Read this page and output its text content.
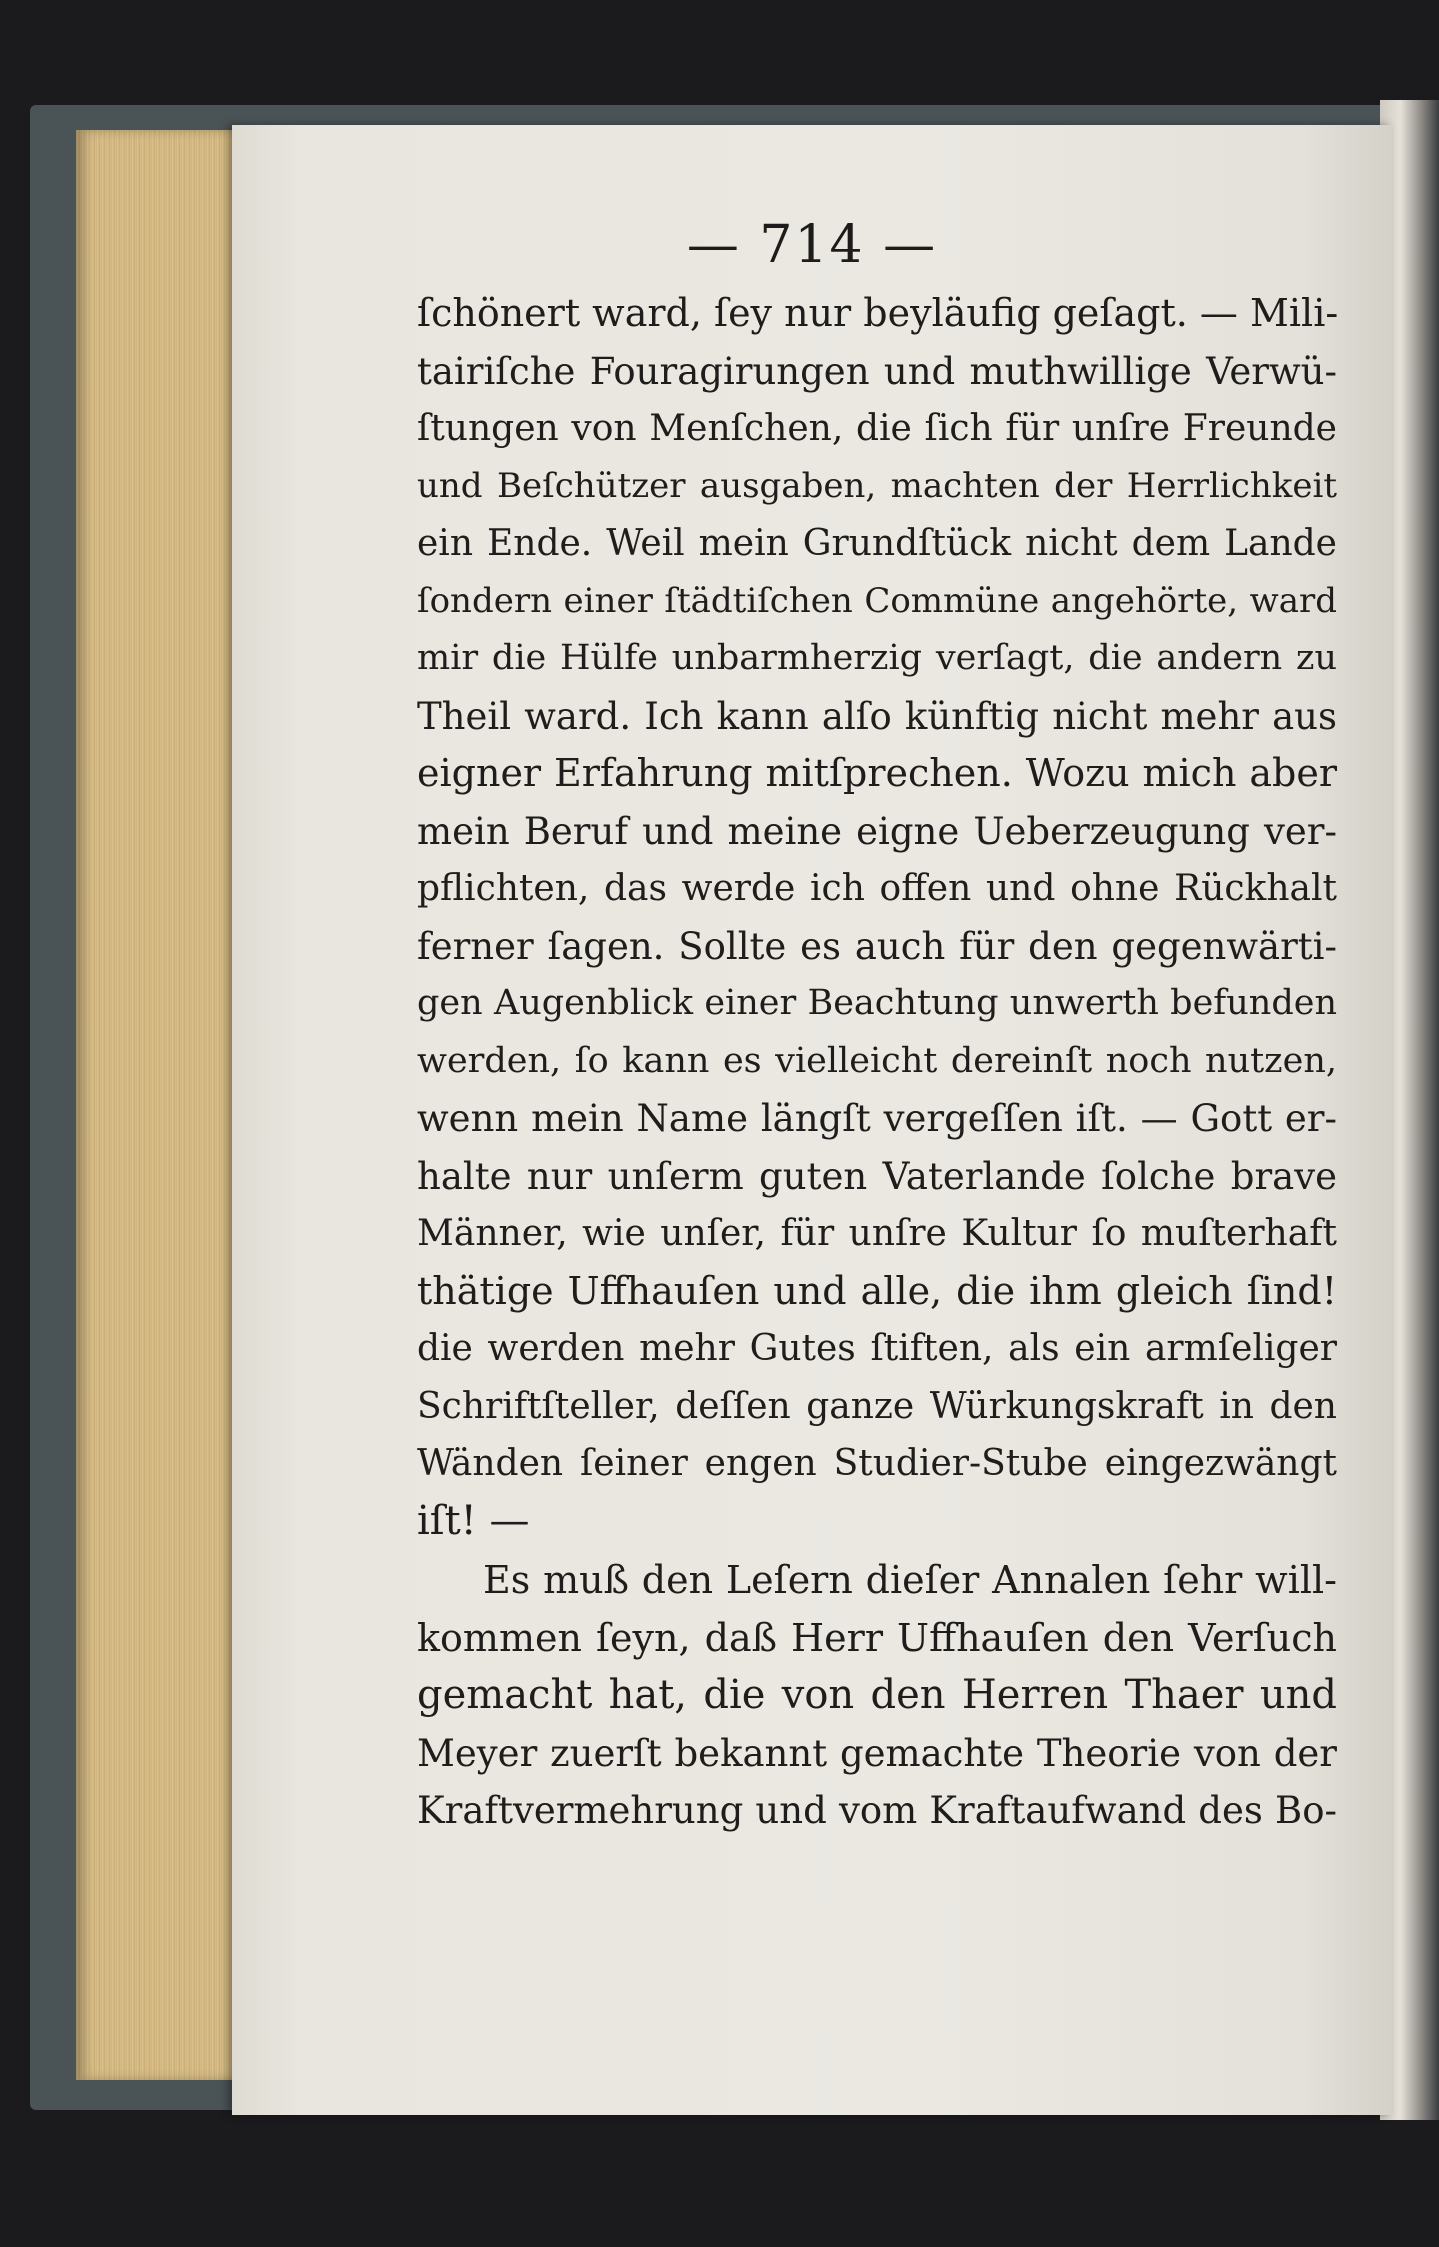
— 714 —
ſchönert ward, ſey nur beyläufig geſagt. — Mili-
tairiſche Fouragirungen und muthwillige Verwü-
ſtungen von Menſchen, die ſich für unſre Freunde
und Beſchützer ausgaben, machten der Herrlichkeit
ein Ende. Weil mein Grundſtück nicht dem Lande
ſondern einer ſtädtiſchen Commüne angehörte, ward
mir die Hülfe unbarmherzig verſagt, die andern zu
Theil ward. Ich kann alſo künftig nicht mehr aus
eigner Erfahrung mitſprechen. Wozu mich aber
mein Beruf und meine eigne Ueberzeugung ver-
pflichten, das werde ich offen und ohne Rückhalt
ferner ſagen. Sollte es auch für den gegenwärti-
gen Augenblick einer Beachtung unwerth befunden
werden, ſo kann es vielleicht dereinſt noch nutzen,
wenn mein Name längſt vergeſſen iſt. — Gott er-
halte nur unſerm guten Vaterlande ſolche brave
Männer, wie unſer, für unſre Kultur ſo muſterhaft
thätige Uffhauſen und alle, die ihm gleich ſind!
die werden mehr Gutes ſtiften, als ein armſeliger
Schriftſteller, deſſen ganze Würkungskraft in den
Wänden ſeiner engen Studier-Stube eingezwängt
iſt! —
Es muß den Leſern dieſer Annalen ſehr will-
kommen ſeyn, daß Herr Uffhauſen den Verſuch
gemacht hat, die von den Herren Thaer und
Meyer zuerſt bekannt gemachte Theorie von der
Kraftvermehrung und vom Kraftaufwand des Bo-
